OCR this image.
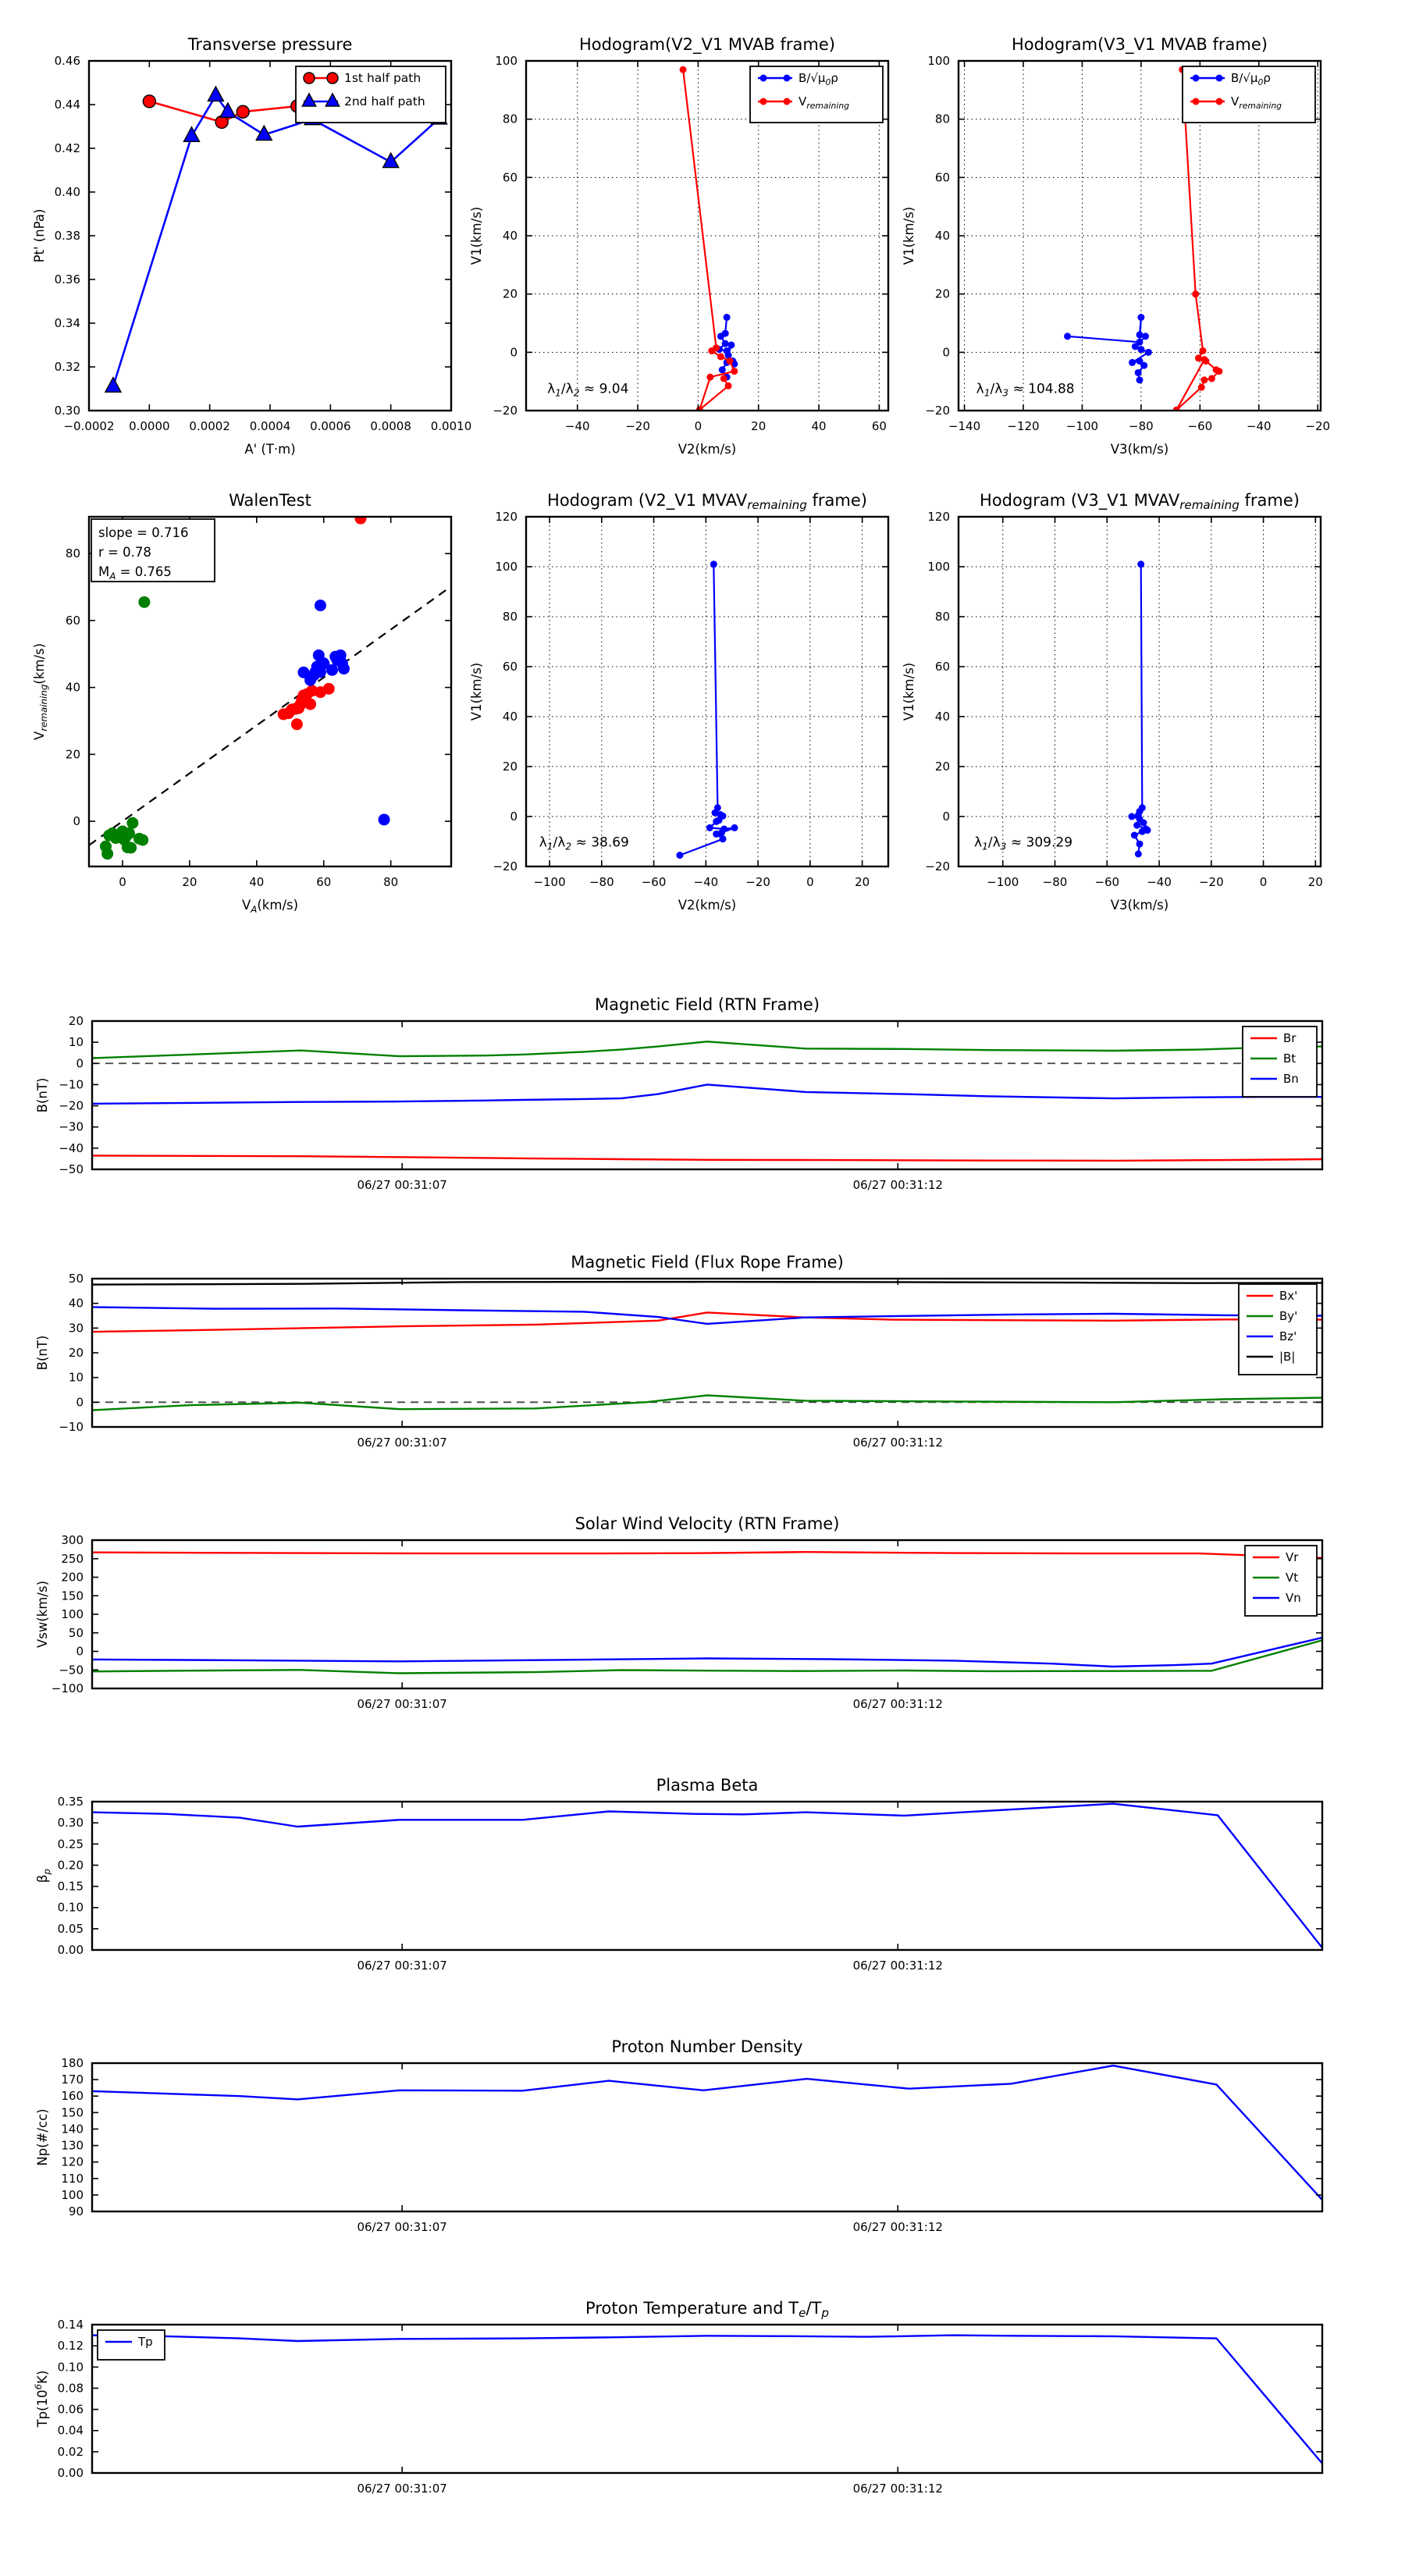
−0.0002 0.0000 0.0002 0.0004 0.0006 0.0008 0.0010
0.30
0.32
0.34
0.36
0.38
0.40
0.42
0.44
0.46
Transverse pressure
A' (T·m)
Pt' (nPa)
1st half path
2nd half path
−40	−20	0	20	40	60
−20
0
20
40
60
80
100
Hodogram(V2_V1 MVAB frame)
V2(km/s)
V1(km/s)
$B/√\mu_0\rho$
$V_{remaining}$
$\lambda_1/\lambda_2 \approx 9.04$
−140 −120 −100	−80	−60	−40	−20
−20
0
20
40
60
80
100
Hodogram(V3_V1 MVAB frame)
V3(km/s)
V1(km/s)
$B/√\mu_0\rho$
$V_{remaining}$
$\lambda_1/\lambda_3 \approx 104.88$
0	20	40	60	80
0
20
40
60
80
WalenTest
$V_A(km/s)$
$V_{remaining}(km/s)$
slope = 0.716
r = 0.78
$M_A = 0.765$
−100 −80 −60 −40 −20	0	20
−20
0
20
40
60
80
100
120
Hodogram (V2_V1 MVAVremaining frame)
V2(km/s)
V1(km/s)
$\lambda_1/\lambda_2 \approx 38.69$
−100 −80 −60 −40 −20	0	20
−20
0
20
40
60
80
100
120
Hodogram (V3_V1 MVAVremaining frame)
V3(km/s)
V1(km/s)
$\lambda_1/\lambda_3 \approx 309.29$
06/27 00:31:07	06/27 00:31:12
−50
−40
−30
−20
−10
0
10
20
Magnetic Field (RTN Frame)
B(nT)
Br
Bt
Bn
06/27 00:31:07	06/27 00:31:12
−10
0
10
20
30
40
50
Magnetic Field (Flux Rope Frame)
B(nT)
Bx'
By'
Bz'
|B|
06/27 00:31:07	06/27 00:31:12
−100
−50
0
50
100
150
200
250
300
Solar Wind Velocity (RTN Frame)
Vsw(km/s)
Vr
Vt
Vn
06/27 00:31:07	06/27 00:31:12
0.00
0.05
0.10
0.15
0.20
0.25
0.30
0.35
Plasma Beta
$\beta_p$
06/27 00:31:07	06/27 00:31:12
90
100
110
120
130
140
150
160
170
180
Proton Number Density
Np(#/cc)
06/27 00:31:07	06/27 00:31:12
0.00
0.02
0.04
0.06
0.08
0.10
0.12
0.14
Proton Temperature and Te/Tp
$Tp(10^6K)$
Tp
